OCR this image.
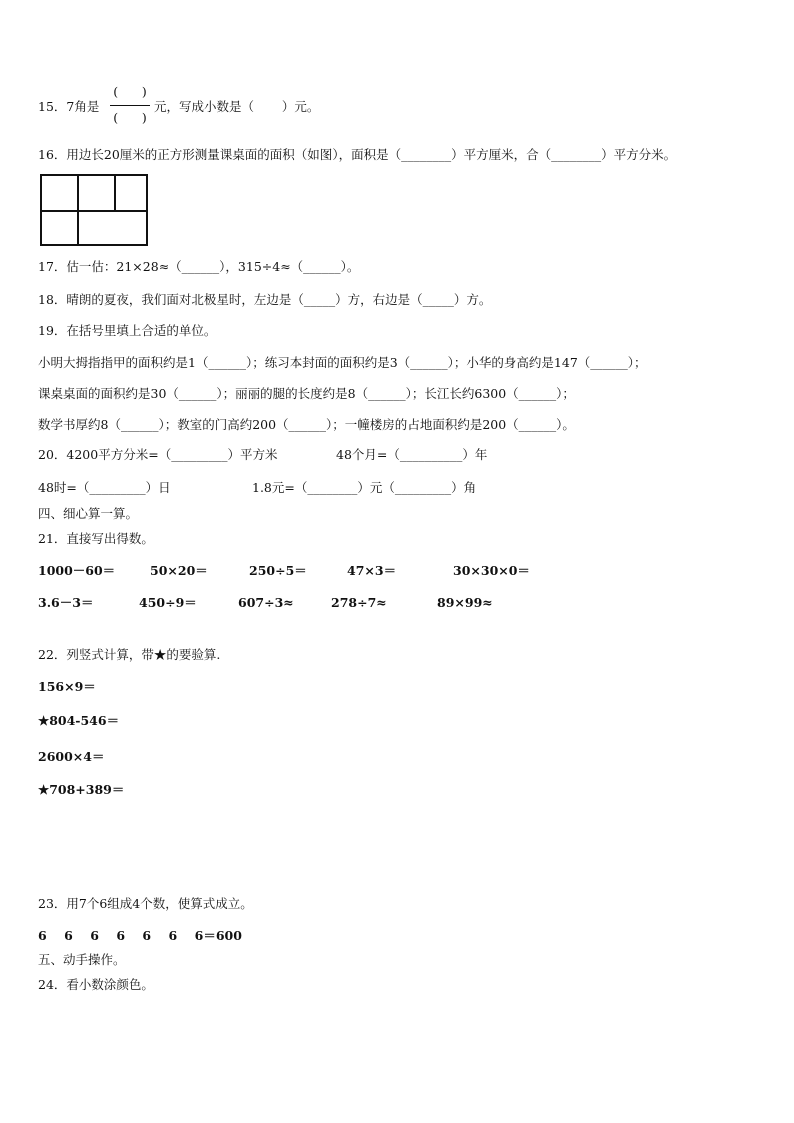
15．7角是
(      )
(      )
元，写成小数是（       ）元。
16．用边长20厘米的正方形测量课桌面的面积（如图），面积是（________）平方厘米，合（________）平方分米。
17．估一估：21×28≈（______），315÷4≈（______）。
18．晴朗的夏夜，我们面对北极星时，左边是（_____）方，右边是（_____）方。
19．在括号里填上合适的单位。
小明大拇指指甲的面积约是1（______）；练习本封面的面积约是3（______）；小华的身高约是147（______）；
课桌桌面的面积约是30（______）；丽丽的腿的长度约是8（______）；长江长约6300（______）；
数学书厚约8（______）；教室的门高约200（______）；一幢楼房的占地面积约是200（______）。
20．4200平方分米=（_________）平方米	48个月=（__________）年
48时=（_________）日	1.8元=（________）元（_________）角
四、细心算一算。
21．直接写出得数。
1000－60＝	50×20＝	250÷5＝	47×3＝	30×30×0＝
3.6－3＝	450÷9＝	607÷3≈	278÷7≈	89×99≈
22．列竖式计算，带★的要验算.
156×9＝
★804-546＝
2600×4＝
★708+389＝
23．用7个6组成4个数，使算式成立。
6    6    6    6    6    6    6＝600
五、动手操作。
24．看小数涂颜色。
